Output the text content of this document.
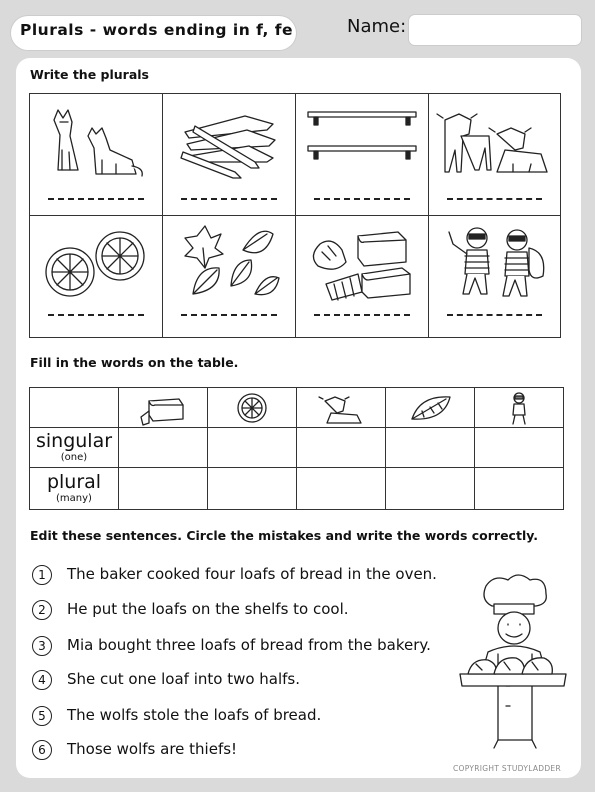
Plurals - words ending in f, fe	Name:
Write the plurals
Fill in the words on the table.

singular
(one)					

plural
(many)					

Edit these sentences. Circle the mistakes and write the words correctly.
1	The baker cooked four loafs of bread in the oven.
2	He put the loafs on the shelfs to cool.
3	Mia bought three loafs of bread from the bakery.
4	She cut one loaf into two halfs.
5	The wolfs stole the loafs of bread.
6	Those wolfs are thiefs!
COPYRIGHT STUDYLADDER
